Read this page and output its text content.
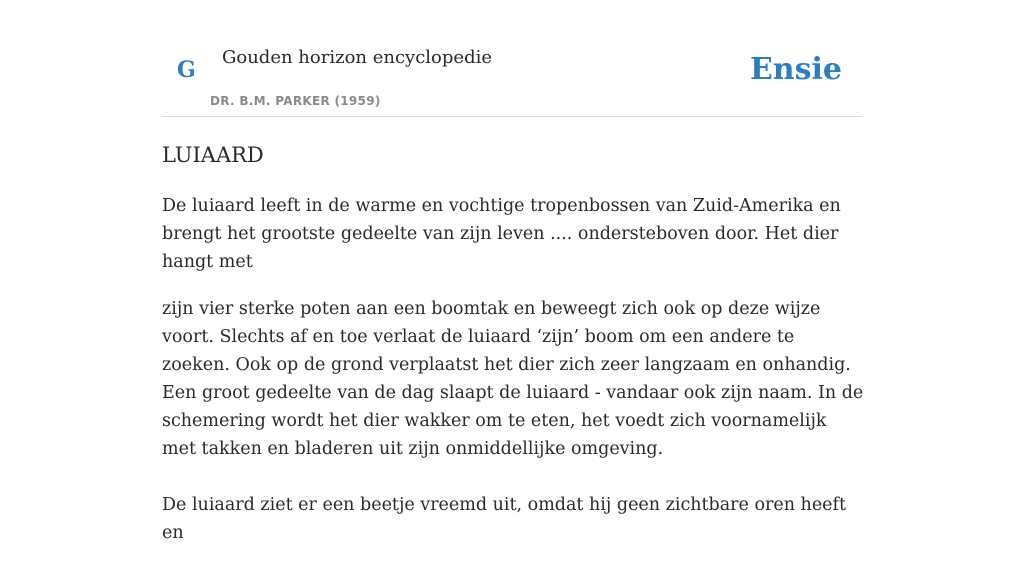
G Gouden horizon encyclopedie
DR. B.M. PARKER (1959)
Ensie
LUIAARD

De luiaard leeft in de warme en vochtige tropenbossen van Zuid-Amerika en brengt het grootste gedeelte van zijn leven .... ondersteboven door. Het dier hangt met

zijn vier sterke poten aan een boomtak en beweegt zich ook op deze wijze voort. Slechts af en toe verlaat de luiaard ‘zijn’ boom om een andere te zoeken. Ook op de grond verplaatst het dier zich zeer langzaam en onhandig. Een groot gedeelte van de dag slaapt de luiaard - vandaar ook zijn naam. In de schemering wordt het dier wakker om te eten, het voedt zich voornamelijk met takken en bladeren uit zijn onmiddellijke omgeving.

De luiaard ziet er een beetje vreemd uit, omdat hij geen zichtbare oren heeft en
